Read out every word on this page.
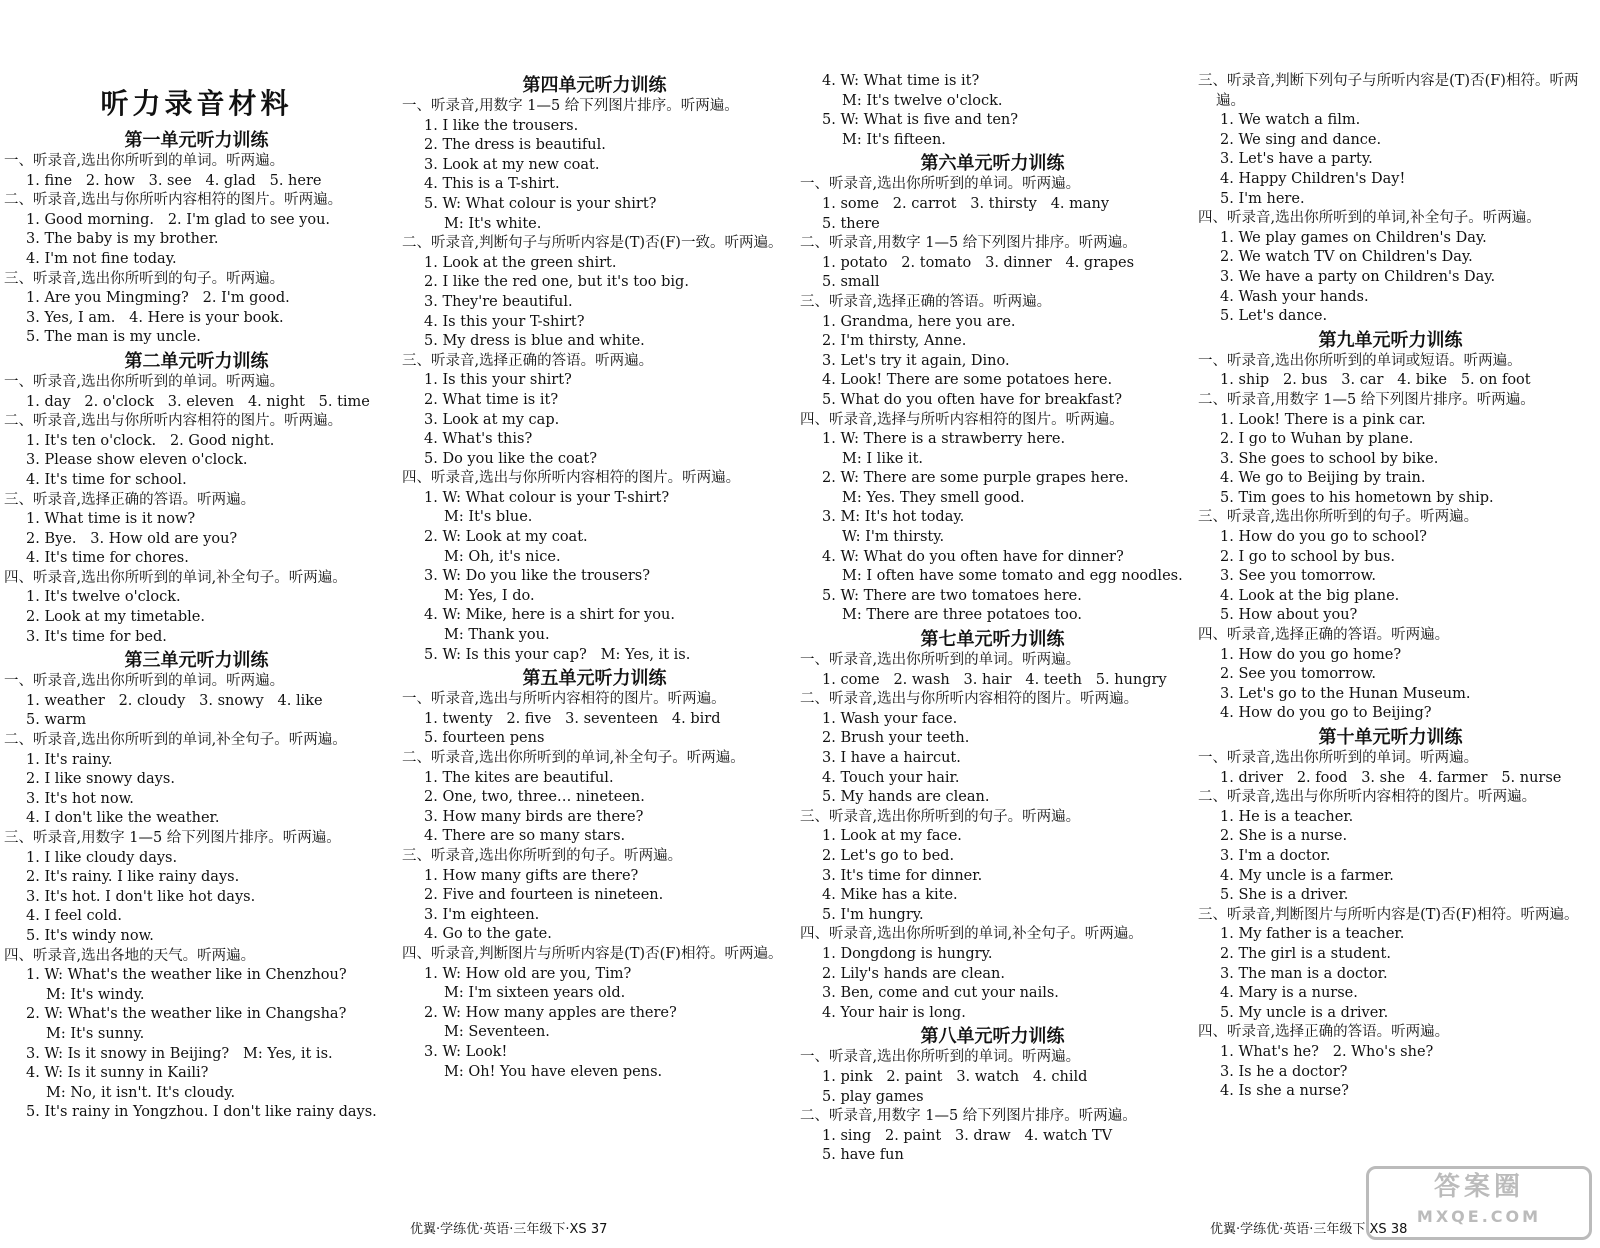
听力录音材料
第一单元听力训练
一、听录音,选出你所听到的单词。听两遍。
1. fine   2. how   3. see   4. glad   5. here
二、听录音,选出与你所听内容相符的图片。听两遍。
1. Good morning.   2. I'm glad to see you.
3. The baby is my brother.
4. I'm not fine today.
三、听录音,选出你所听到的句子。听两遍。
1. Are you Mingming?   2. I'm good.
3. Yes, I am.   4. Here is your book.
5. The man is my uncle.
第二单元听力训练
一、听录音,选出你所听到的单词。听两遍。
1. day   2. o'clock   3. eleven   4. night   5. time
二、听录音,选出与你所听内容相符的图片。听两遍。
1. It's ten o'clock.   2. Good night.
3. Please show eleven o'clock.
4. It's time for school.
三、听录音,选择正确的答语。听两遍。
1. What time is it now?
2. Bye.   3. How old are you?
4. It's time for chores.
四、听录音,选出你所听到的单词,补全句子。听两遍。
1. It's twelve o'clock.
2. Look at my timetable.
3. It's time for bed.
第三单元听力训练
一、听录音,选出你所听到的单词。听两遍。
1. weather   2. cloudy   3. snowy   4. like
5. warm
二、听录音,选出你所听到的单词,补全句子。听两遍。
1. It's rainy.
2. I like snowy days.
3. It's hot now.
4. I don't like the weather.
三、听录音,用数字 1—5 给下列图片排序。听两遍。
1. I like cloudy days.
2. It's rainy. I like rainy days.
3. It's hot. I don't like hot days.
4. I feel cold.
5. It's windy now.
四、听录音,选出各地的天气。听两遍。
1. W: What's the weather like in Chenzhou?
M: It's windy.
2. W: What's the weather like in Changsha?
M: It's sunny.
3. W: Is it snowy in Beijing?   M: Yes, it is.
4. W: Is it sunny in Kaili?
M: No, it isn't. It's cloudy.
5. It's rainy in Yongzhou. I don't like rainy days.
第四单元听力训练
一、听录音,用数字 1—5 给下列图片排序。听两遍。
1. I like the trousers.
2. The dress is beautiful.
3. Look at my new coat.
4. This is a T-shirt.
5. W: What colour is your shirt?
M: It's white.
二、听录音,判断句子与所听内容是(T)否(F)一致。听两遍。
1. Look at the green shirt.
2. I like the red one, but it's too big.
3. They're beautiful.
4. Is this your T-shirt?
5. My dress is blue and white.
三、听录音,选择正确的答语。听两遍。
1. Is this your shirt?
2. What time is it?
3. Look at my cap.
4. What's this?
5. Do you like the coat?
四、听录音,选出与你所听内容相符的图片。听两遍。
1. W: What colour is your T-shirt?
M: It's blue.
2. W: Look at my coat.
M: Oh, it's nice.
3. W: Do you like the trousers?
M: Yes, I do.
4. W: Mike, here is a shirt for you.
M: Thank you.
5. W: Is this your cap?   M: Yes, it is.
第五单元听力训练
一、听录音,选出与所听内容相符的图片。听两遍。
1. twenty   2. five   3. seventeen   4. bird
5. fourteen pens
二、听录音,选出你所听到的单词,补全句子。听两遍。
1. The kites are beautiful.
2. One, two, three… nineteen.
3. How many birds are there?
4. There are so many stars.
三、听录音,选出你所听到的句子。听两遍。
1. How many gifts are there?
2. Five and fourteen is nineteen.
3. I'm eighteen.
4. Go to the gate.
四、听录音,判断图片与所听内容是(T)否(F)相符。听两遍。
1. W: How old are you, Tim?
M: I'm sixteen years old.
2. W: How many apples are there?
M: Seventeen.
3. W: Look!
M: Oh! You have eleven pens.
4. W: What time is it?
M: It's twelve o'clock.
5. W: What is five and ten?
M: It's fifteen.
第六单元听力训练
一、听录音,选出你所听到的单词。听两遍。
1. some   2. carrot   3. thirsty   4. many
5. there
二、听录音,用数字 1—5 给下列图片排序。听两遍。
1. potato   2. tomato   3. dinner   4. grapes
5. small
三、听录音,选择正确的答语。听两遍。
1. Grandma, here you are.
2. I'm thirsty, Anne.
3. Let's try it again, Dino.
4. Look! There are some potatoes here.
5. What do you often have for breakfast?
四、听录音,选择与所听内容相符的图片。听两遍。
1. W: There is a strawberry here.
M: I like it.
2. W: There are some purple grapes here.
M: Yes. They smell good.
3. M: It's hot today.
W: I'm thirsty.
4. W: What do you often have for dinner?
M: I often have some tomato and egg noodles.
5. W: There are two tomatoes here.
M: There are three potatoes too.
第七单元听力训练
一、听录音,选出你所听到的单词。听两遍。
1. come   2. wash   3. hair   4. teeth   5. hungry
二、听录音,选出与你所听内容相符的图片。听两遍。
1. Wash your face.
2. Brush your teeth.
3. I have a haircut.
4. Touch your hair.
5. My hands are clean.
三、听录音,选出你所听到的句子。听两遍。
1. Look at my face.
2. Let's go to bed.
3. It's time for dinner.
4. Mike has a kite.
5. I'm hungry.
四、听录音,选出你所听到的单词,补全句子。听两遍。
1. Dongdong is hungry.
2. Lily's hands are clean.
3. Ben, come and cut your nails.
4. Your hair is long.
第八单元听力训练
一、听录音,选出你所听到的单词。听两遍。
1. pink   2. paint   3. watch   4. child
5. play games
二、听录音,用数字 1—5 给下列图片排序。听两遍。
1. sing   2. paint   3. draw   4. watch TV
5. have fun
三、听录音,判断下列句子与所听内容是(T)否(F)相符。听两遍。
1. We watch a film.
2. We sing and dance.
3. Let's have a party.
4. Happy Children's Day!
5. I'm here.
四、听录音,选出你所听到的单词,补全句子。听两遍。
1. We play games on Children's Day.
2. We watch TV on Children's Day.
3. We have a party on Children's Day.
4. Wash your hands.
5. Let's dance.
第九单元听力训练
一、听录音,选出你所听到的单词或短语。听两遍。
1. ship   2. bus   3. car   4. bike   5. on foot
二、听录音,用数字 1—5 给下列图片排序。听两遍。
1. Look! There is a pink car.
2. I go to Wuhan by plane.
3. She goes to school by bike.
4. We go to Beijing by train.
5. Tim goes to his hometown by ship.
三、听录音,选出你所听到的句子。听两遍。
1. How do you go to school?
2. I go to school by bus.
3. See you tomorrow.
4. Look at the big plane.
5. How about you?
四、听录音,选择正确的答语。听两遍。
1. How do you go home?
2. See you tomorrow.
3. Let's go to the Hunan Museum.
4. How do you go to Beijing?
第十单元听力训练
一、听录音,选出你所听到的单词。听两遍。
1. driver   2. food   3. she   4. farmer   5. nurse
二、听录音,选出与你所听内容相符的图片。听两遍。
1. He is a teacher.
2. She is a nurse.
3. I'm a doctor.
4. My uncle is a farmer.
5. She is a driver.
三、听录音,判断图片与所听内容是(T)否(F)相符。听两遍。
1. My father is a teacher.
2. The girl is a student.
3. The man is a doctor.
4. Mary is a nurse.
5. My uncle is a driver.
四、听录音,选择正确的答语。听两遍。
1. What's he?   2. Who's she?
3. Is he a doctor?
4. Is she a nurse?
优翼·学练优·英语·三年级下·XS 37	优翼·学练优·英语·三年级下·XS 38
答案圈
MXQE.COM
